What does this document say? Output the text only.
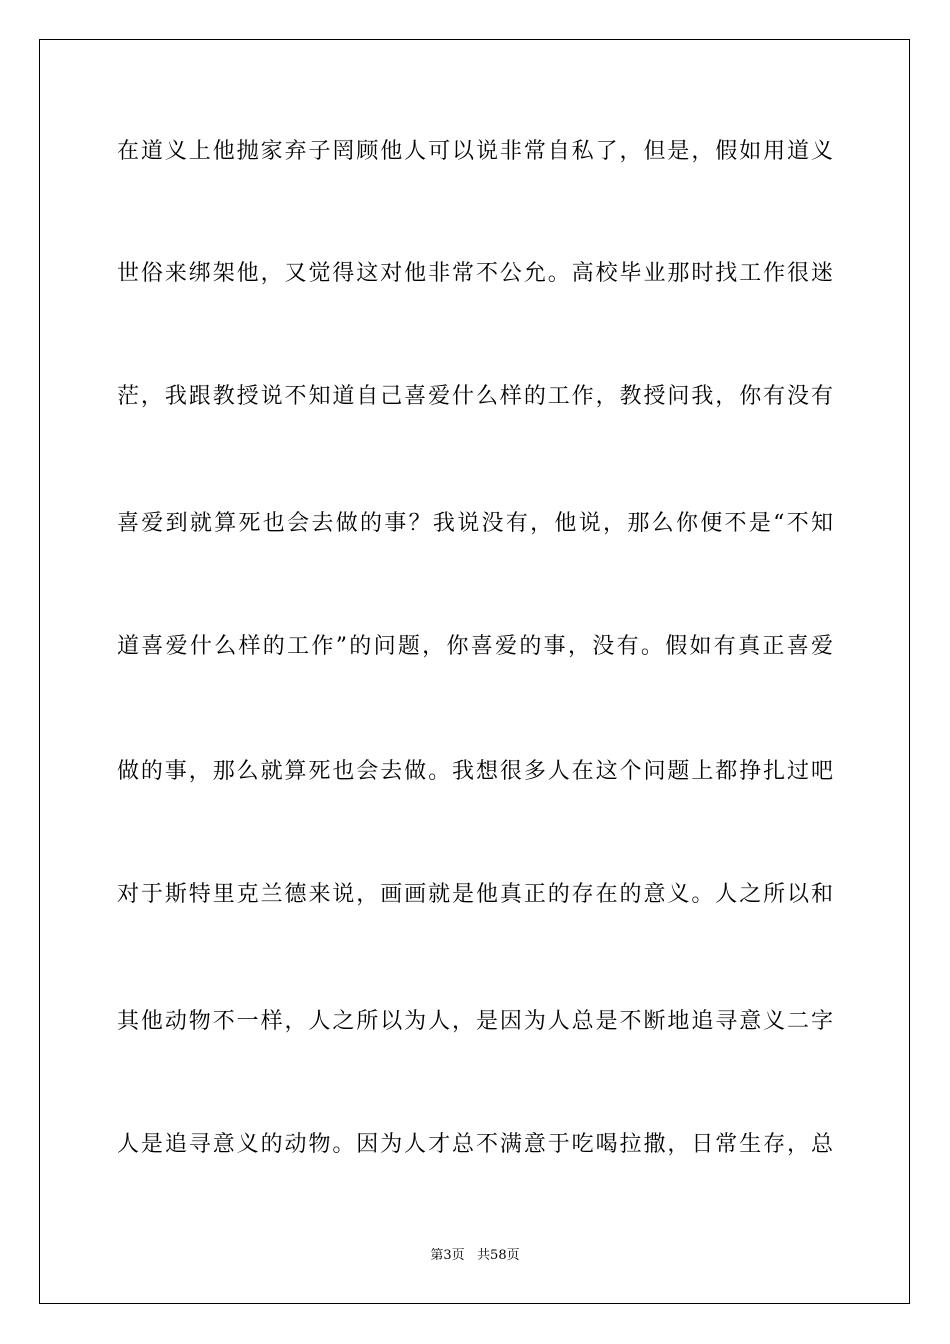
在道义上他抛家弃子罔顾他人可以说非常自私了，但是，假如用道义
世俗来绑架他，又觉得这对他非常不公允。高校毕业那时找工作很迷
茫，我跟教授说不知道自己喜爱什么样的工作，教授问我，你有没有
喜爱到就算死也会去做的事？我说没有，他说，那么你便不是“不知
道喜爱什么样的工作”的问题，你喜爱的事，没有。假如有真正喜爱
做的事，那么就算死也会去做。我想很多人在这个问题上都挣扎过吧
对于斯特里克兰德来说，画画就是他真正的存在的意义。人之所以和
其他动物不一样，人之所以为人，是因为人总是不断地追寻意义二字
人是追寻意义的动物。因为人才总不满意于吃喝拉撒，日常生存，总
第3页   共58页
